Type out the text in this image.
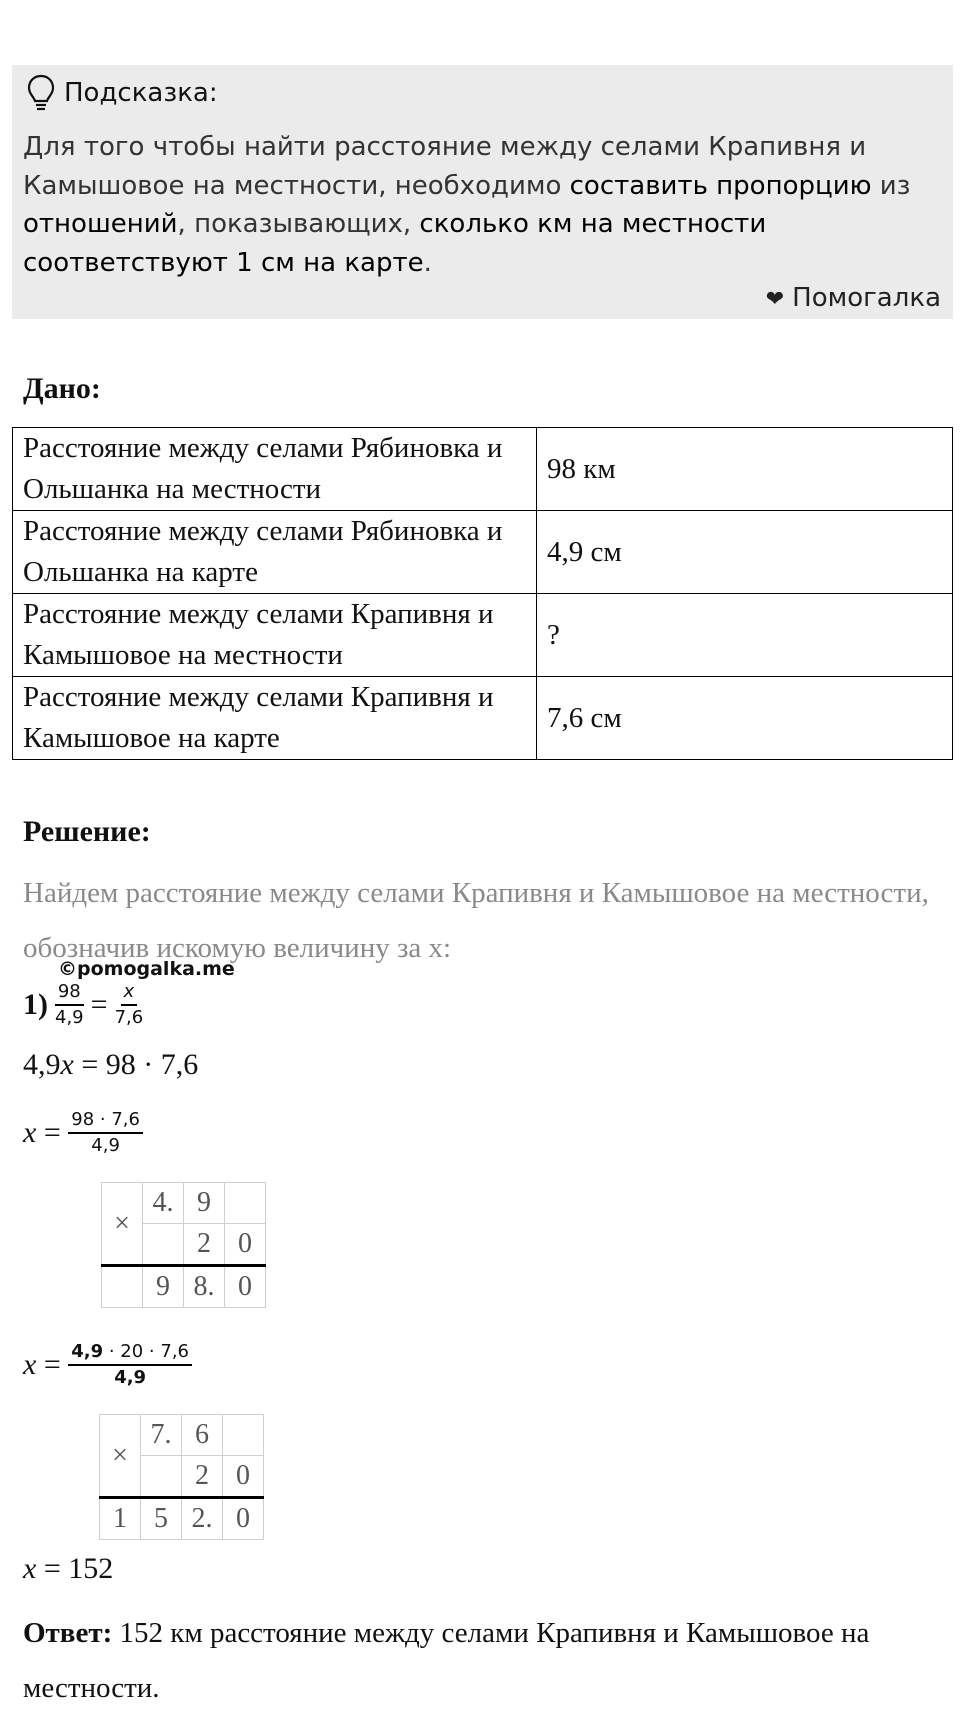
Подсказка:
Для того чтобы найти расстояние между селами Крапивня и Камышовое на местности, необходимо составить пропорцию из отношений, показывающих, сколько км на местности соответствуют 1 см на карте.
❤ Помогалка
Дано:
Расстояние между селами Рябиновка и Ольшанка на местности	98 км
Расстояние между селами Рябиновка и Ольшанка на карте	4,9 см
Расстояние между селами Крапивня и Камышовое на местности	?
Расстояние между селами Крапивня и Камышовое на карте	7,6 см
Решение:
Найдем расстояние между селами Крапивня и Камышовое на местности, обозначив искомую величину за х:
©pomogalka.me
$1) \frac{98}{4,9} = \frac{x}{7,6}$
4,9 x = 98 · 7,6
$x = \frac{98 \cdot 7,6}{4,9}$
×	4.	9	
		2	0
	9	8.	0
$x = \frac{4,9 \cdot 20 \cdot 7,6}{4,9}$
×	7.	6	
		2	0
1	5	2.	0
x = 152
Ответ: 152 км расстояние между селами Крапивня и Камышовое на местности.
